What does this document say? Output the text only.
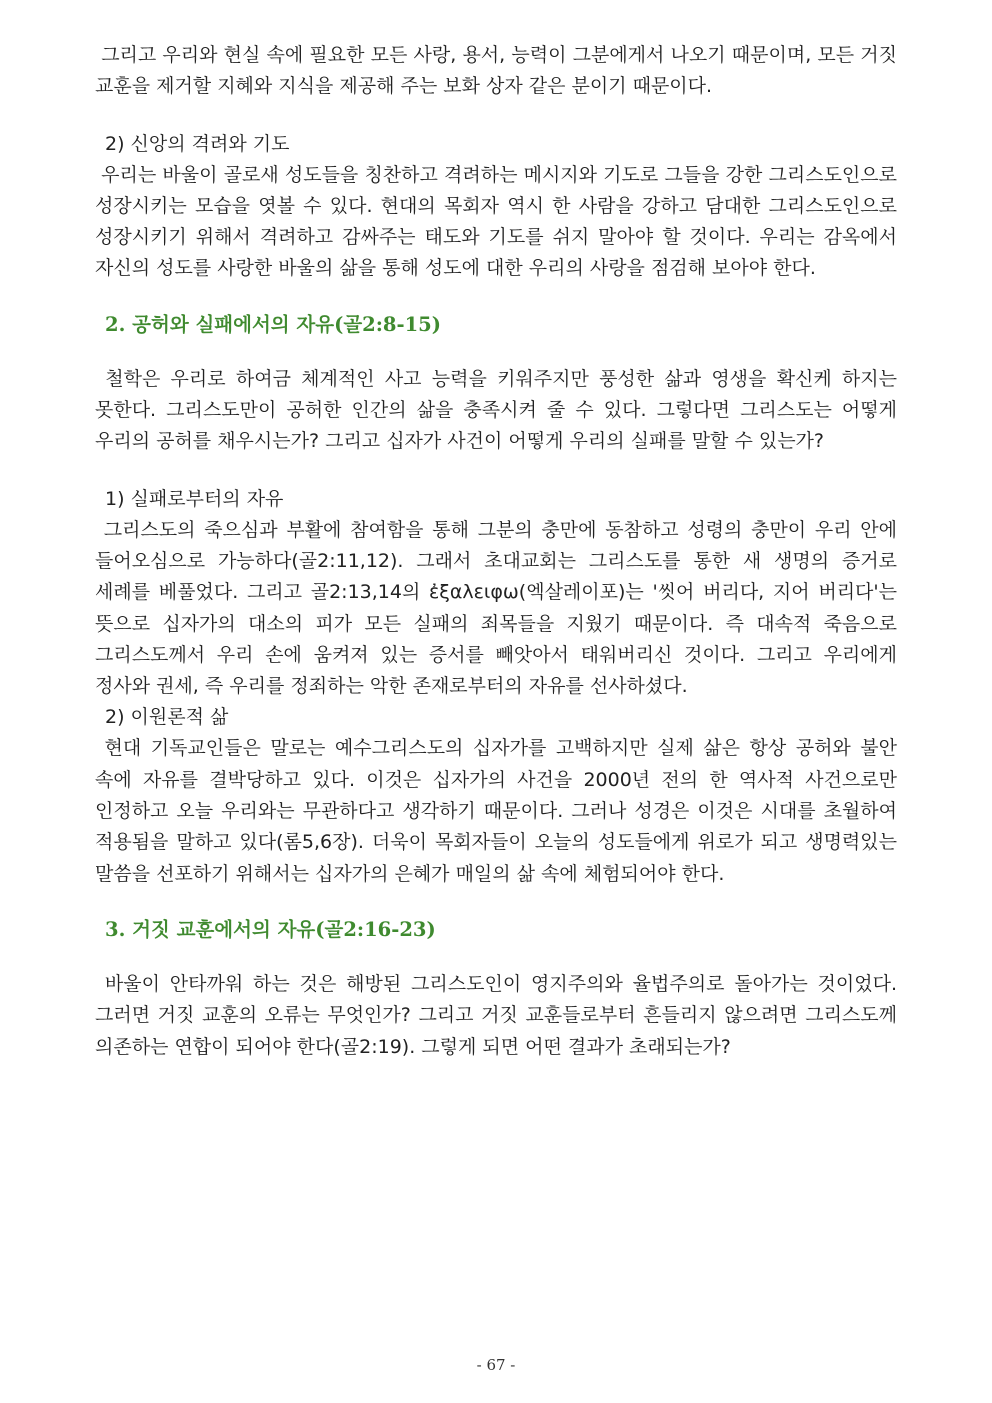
그리고 우리와 현실 속에 필요한 모든 사랑, 용서, 능력이 그분에게서 나오기 때문이며, 모든 거짓 교훈을 제거할 지혜와 지식을 제공해 주는 보화 상자 같은 분이기 때문이다.

2) 신앙의 격려와 기도

우리는 바울이 골로새 성도들을 칭찬하고 격려하는 메시지와 기도로 그들을 강한 그리스도인으로 성장시키는 모습을 엿볼 수 있다. 현대의 목회자 역시 한 사람을 강하고 담대한 그리스도인으로 성장시키기 위해서 격려하고 감싸주는 태도와 기도를 쉬지 말아야 할 것이다. 우리는 감옥에서 자신의 성도를 사랑한 바울의 삶을 통해 성도에 대한 우리의 사랑을 점검해 보아야 한다.

2. 공허와 실패에서의 자유(골2:8-15)

철학은 우리로 하여금 체계적인 사고 능력을 키워주지만 풍성한 삶과 영생을 확신케 하지는 못한다. 그리스도만이 공허한 인간의 삶을 충족시켜 줄 수 있다. 그렇다면 그리스도는 어떻게 우리의 공허를 채우시는가? 그리고 십자가 사건이 어떻게 우리의 실패를 말할 수 있는가?

1) 실패로부터의 자유

그리스도의 죽으심과 부활에 참여함을 통해 그분의 충만에 동참하고 성령의 충만이 우리 안에 들어오심으로 가능하다(골2:11,12). 그래서 초대교회는 그리스도를 통한 새 생명의 증거로 세례를 베풀었다. 그리고 골2:13,14의 ἐξαλειφω(엑살레이포)는 '씻어 버리다, 지어 버리다'는 뜻으로 십자가의 대소의 피가 모든 실패의 죄목들을 지웠기 때문이다. 즉 대속적 죽음으로 그리스도께서 우리 손에 움켜져 있는 증서를 빼앗아서 태워버리신 것이다. 그리고 우리에게 정사와 권세, 즉 우리를 정죄하는 악한 존재로부터의 자유를 선사하셨다.

2) 이원론적 삶

현대 기독교인들은 말로는 예수그리스도의 십자가를 고백하지만 실제 삶은 항상 공허와 불안 속에 자유를 결박당하고 있다. 이것은 십자가의 사건을 2000년 전의 한 역사적 사건으로만 인정하고 오늘 우리와는 무관하다고 생각하기 때문이다. 그러나 성경은 이것은 시대를 초월하여 적용됨을 말하고 있다(롬5,6장). 더욱이 목회자들이 오늘의 성도들에게 위로가 되고 생명력있는 말씀을 선포하기 위해서는 십자가의 은혜가 매일의 삶 속에 체험되어야 한다.

3. 거짓 교훈에서의 자유(골2:16-23)

바울이 안타까워 하는 것은 해방된 그리스도인이 영지주의와 율법주의로 돌아가는 것이었다. 그러면 거짓 교훈의 오류는 무엇인가? 그리고 거짓 교훈들로부터 흔들리지 않으려면 그리스도께 의존하는 연합이 되어야 한다(골2:19). 그렇게 되면 어떤 결과가 초래되는가?

- 67 -
